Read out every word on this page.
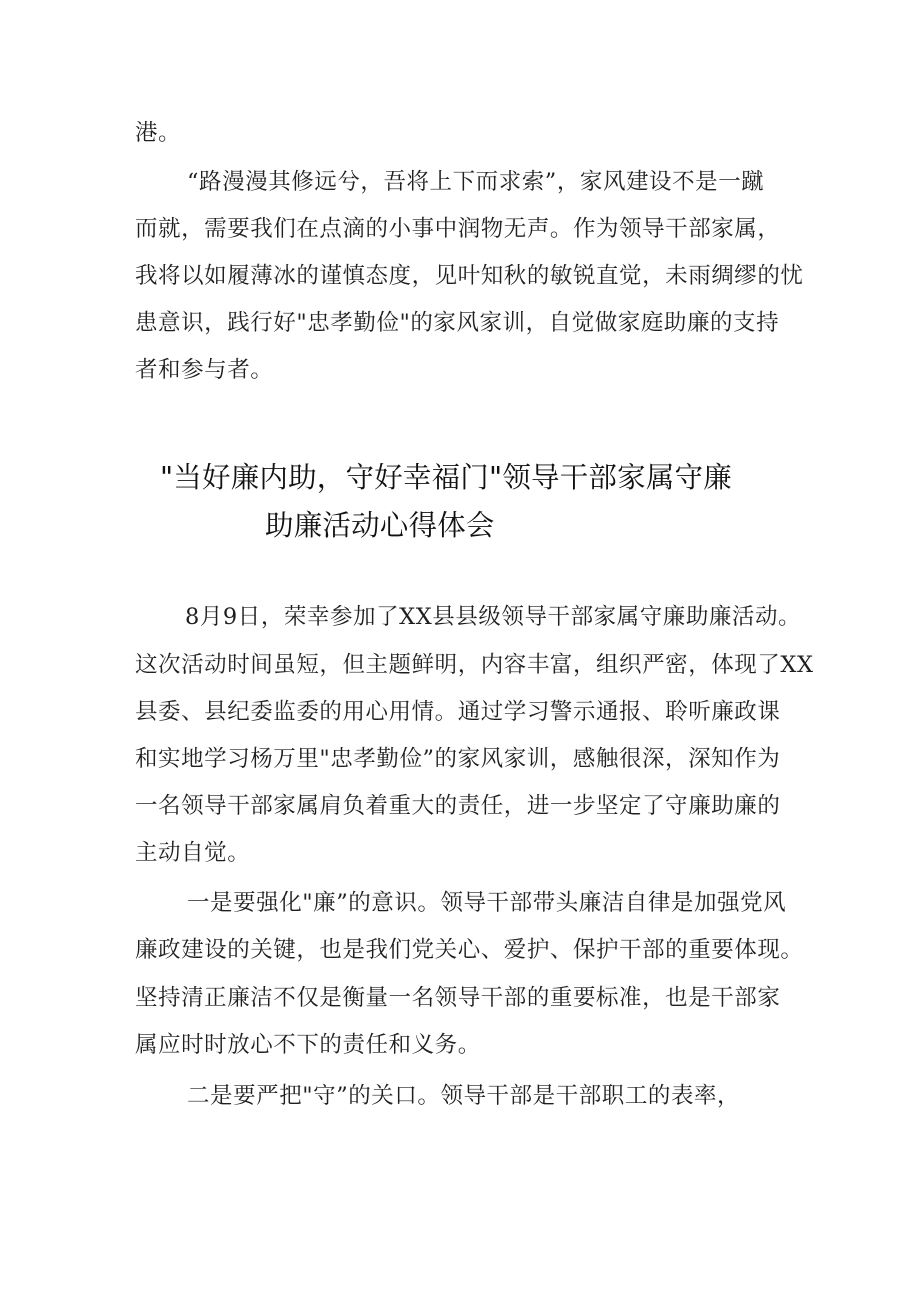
港。
“路漫漫其修远兮，吾将上下而求索”，家风建设不是一蹴
而就，需要我们在点滴的小事中润物无声。作为领导干部家属，
我将以如履薄冰的谨慎态度，见叶知秋的敏锐直觉，未雨绸缪的忧
患意识，践行好"忠孝勤俭"的家风家训，自觉做家庭助廉的支持
者和参与者。
"当好廉内助，守好幸福门"领导干部家属守廉
助廉活动心得体会
8月9日，荣幸参加了XX县县级领导干部家属守廉助廉活动。
这次活动时间虽短，但主题鲜明，内容丰富，组织严密，体现了XX
县委、县纪委监委的用心用情。通过学习警示通报、聆听廉政课
和实地学习杨万里"忠孝勤俭”的家风家训，感触很深，深知作为
一名领导干部家属肩负着重大的责任，进一步坚定了守廉助廉的
主动自觉。
一是要强化"廉”的意识。领导干部带头廉洁自律是加强党风
廉政建设的关键，也是我们党关心、爱护、保护干部的重要体现。
坚持清正廉洁不仅是衡量一名领导干部的重要标准，也是干部家
属应时时放心不下的责任和义务。
二是要严把"守”的关口。领导干部是干部职工的表率，
